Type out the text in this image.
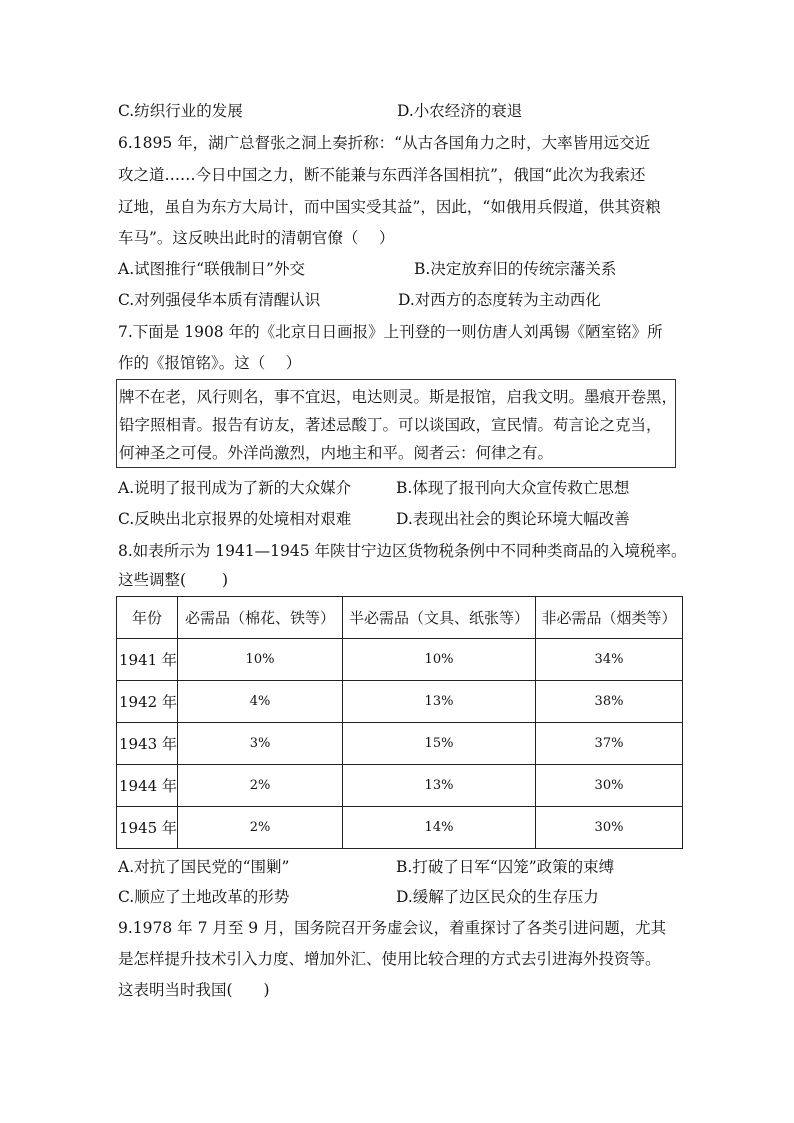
C.纺织行业的发展	D.小农经济的衰退
6.1895 年，湖广总督张之洞上奏折称：“从古各国角力之时，大率皆用远交近
攻之道……今日中国之力，断不能兼与东西洋各国相抗”，俄国“此次为我索还
辽地，虽自为东方大局计，而中国实受其益”，因此，“如俄用兵假道，供其资粮
车马”。这反映出此时的清朝官僚（　 ）
A.试图推行“联俄制日”外交	B.决定放弃旧的传统宗藩关系
C.对列强侵华本质有清醒认识	D.对西方的态度转为主动西化
7.下面是 1908 年的《北京日日画报》上刊登的一则仿唐人刘禹锡《陋室铭》所
作的《报馆铭》。这（　 ）
牌不在老，风行则名，事不宜迟，电达则灵。斯是报馆，启我文明。墨痕开卷黑，
铅字照相青。报告有访友，著述忌酸丁。可以谈国政，宣民情。苟言论之克当，
何神圣之可侵。外洋尚激烈，内地主和平。阅者云：何律之有。
A.说明了报刊成为了新的大众媒介	B.体现了报刊向大众宣传救亡思想
C.反映出北京报界的处境相对艰难	D.表现出社会的舆论环境大幅改善
8.如表所示为 1941—1945 年陕甘宁边区货物税条例中不同种类商品的入境税率。
这些调整(　 　)
年份	必需品（棉花、铁等）	半必需品（文具、纸张等）	非必需品（烟类等）
1941 年	10%	10%	34%
1942 年	4%	13%	38%
1943 年	3%	15%	37%
1944 年	2%	13%	30%
1945 年	2%	14%	30%
A.对抗了国民党的“围剿”	B.打破了日军“囚笼”政策的束缚
C.顺应了土地改革的形势	D.缓解了边区民众的生存压力
9.1978 年 7 月至 9 月，国务院召开务虚会议，着重探讨了各类引进问题，尤其
是怎样提升技术引入力度、增加外汇、使用比较合理的方式去引进海外投资等。
这表明当时我国(　　)
